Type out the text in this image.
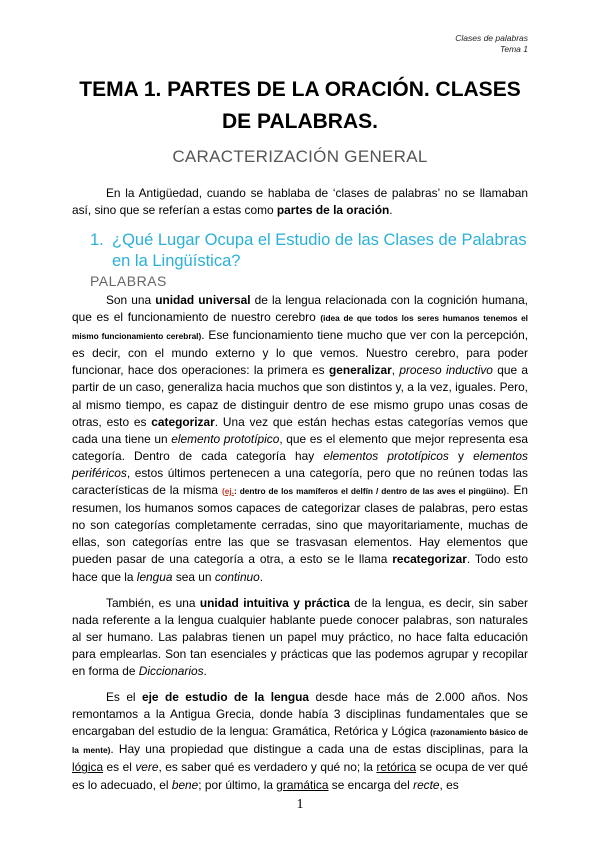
Clases de palabras
Tema 1
TEMA 1. PARTES DE LA ORACIÓN. CLASES
DE PALABRAS.
CARACTERIZACIÓN GENERAL

En la Antigüedad, cuando se hablaba de ‘clases de palabras’ no se llamaban así, sino que se referían a estas como partes de la oración.

1. ¿Qué Lugar Ocupa el Estudio de las Clases de Palabras en la Lingüística?
PALABRAS

Son una unidad universal de la lengua relacionada con la cognición humana, que es el funcionamiento de nuestro cerebro (idea de que todos los seres humanos tenemos el mismo funcionamiento cerebral). Ese funcionamiento tiene mucho que ver con la percepción, es decir, con el mundo externo y lo que vemos. Nuestro cerebro, para poder funcionar, hace dos operaciones: la primera es generalizar, proceso inductivo que a partir de un caso, generaliza hacia muchos que son distintos y, a la vez, iguales. Pero, al mismo tiempo, es capaz de distinguir dentro de ese mismo grupo unas cosas de otras, esto es categorizar. Una vez que están hechas estas categorías vemos que cada una tiene un elemento prototípico, que es el elemento que mejor representa esa categoría. Dentro de cada categoría hay elementos prototípicos y elementos periféricos, estos últimos pertenecen a una categoría, pero que no reúnen todas las características de la misma (ej.: dentro de los mamíferos el delfín / dentro de las aves el pingüino). En resumen, los humanos somos capaces de categorizar clases de palabras, pero estas no son categorías completamente cerradas, sino que mayoritariamente, muchas de ellas, son categorías entre las que se trasvasan elementos. Hay elementos que pueden pasar de una categoría a otra, a esto se le llama recategorizar. Todo esto hace que la lengua sea un continuo.

También, es una unidad intuitiva y práctica de la lengua, es decir, sin saber nada referente a la lengua cualquier hablante puede conocer palabras, son naturales al ser humano. Las palabras tienen un papel muy práctico, no hace falta educación para emplearlas. Son tan esenciales y prácticas que las podemos agrupar y recopilar en forma de Diccionarios.

Es el eje de estudio de la lengua desde hace más de 2.000 años. Nos remontamos a la Antigua Grecia, donde había 3 disciplinas fundamentales que se encargaban del estudio de la lengua: Gramática, Retórica y Lógica (razonamiento básico de la mente). Hay una propiedad que distingue a cada una de estas disciplinas, para la lógica es el vere, es saber qué es verdadero y qué no; la retórica se ocupa de ver qué es lo adecuado, el bene; por último, la gramática se encarga del recte, es

1
